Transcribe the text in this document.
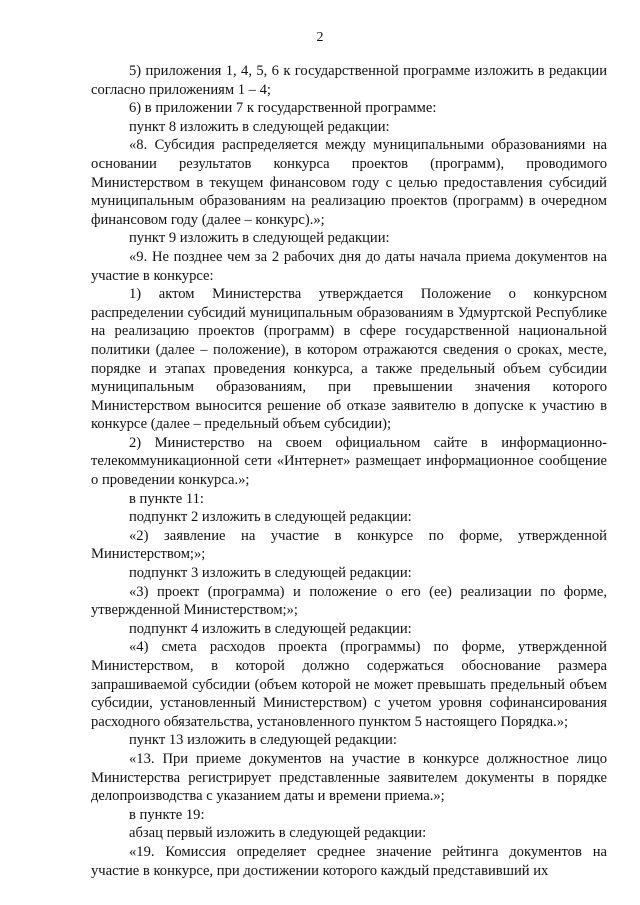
2

5) приложения 1, 4, 5, 6 к государственной программе изложить в редакции согласно приложениям 1 – 4;

6) в приложении 7 к государственной программе:

пункт 8 изложить в следующей редакции:

«8. Субсидия распределяется между муниципальными образованиями на основании результатов конкурса проектов (программ), проводимого Министерством в текущем финансовом году с целью предоставления субсидий муниципальным образованиям на реализацию проектов (программ) в очередном финансовом году (далее – конкурс).»;

пункт 9 изложить в следующей редакции:

«9. Не позднее чем за 2 рабочих дня до даты начала приема документов на участие в конкурсе:

1) актом Министерства утверждается Положение о конкурсном распределении субсидий муниципальным образованиям в Удмуртской Республике на реализацию проектов (программ) в сфере государственной национальной политики (далее – положение), в котором отражаются сведения о сроках, месте, порядке и этапах проведения конкурса, а также предельный объем субсидии муниципальным образованиям, при превышении значения которого Министерством выносится решение об отказе заявителю в допуске к участию в конкурсе (далее – предельный объем субсидии);

2) Министерство на своем официальном сайте в информационно-телекоммуникационной сети «Интернет» размещает информационное сообщение о проведении конкурса.»;

в пункте 11:

подпункт 2 изложить в следующей редакции:

«2) заявление на участие в конкурсе по форме, утвержденной Министерством;»;

подпункт 3 изложить в следующей редакции:

«3) проект (программа) и положение о его (ее) реализации по форме, утвержденной Министерством;»;

подпункт 4 изложить в следующей редакции:

«4) смета расходов проекта (программы) по форме, утвержденной Министерством, в которой должно содержаться обоснование размера запрашиваемой субсидии (объем которой не может превышать предельный объем субсидии, установленный Министерством) с учетом уровня софинансирования расходного обязательства, установленного пунктом 5 настоящего Порядка.»;

пункт 13 изложить в следующей редакции:

«13. При приеме документов на участие в конкурсе должностное лицо Министерства регистрирует представленные заявителем документы в порядке делопроизводства с указанием даты и времени приема.»;

в пункте 19:

абзац первый изложить в следующей редакции:

«19. Комиссия определяет среднее значение рейтинга документов на участие в конкурсе, при достижении которого каждый представивший их
